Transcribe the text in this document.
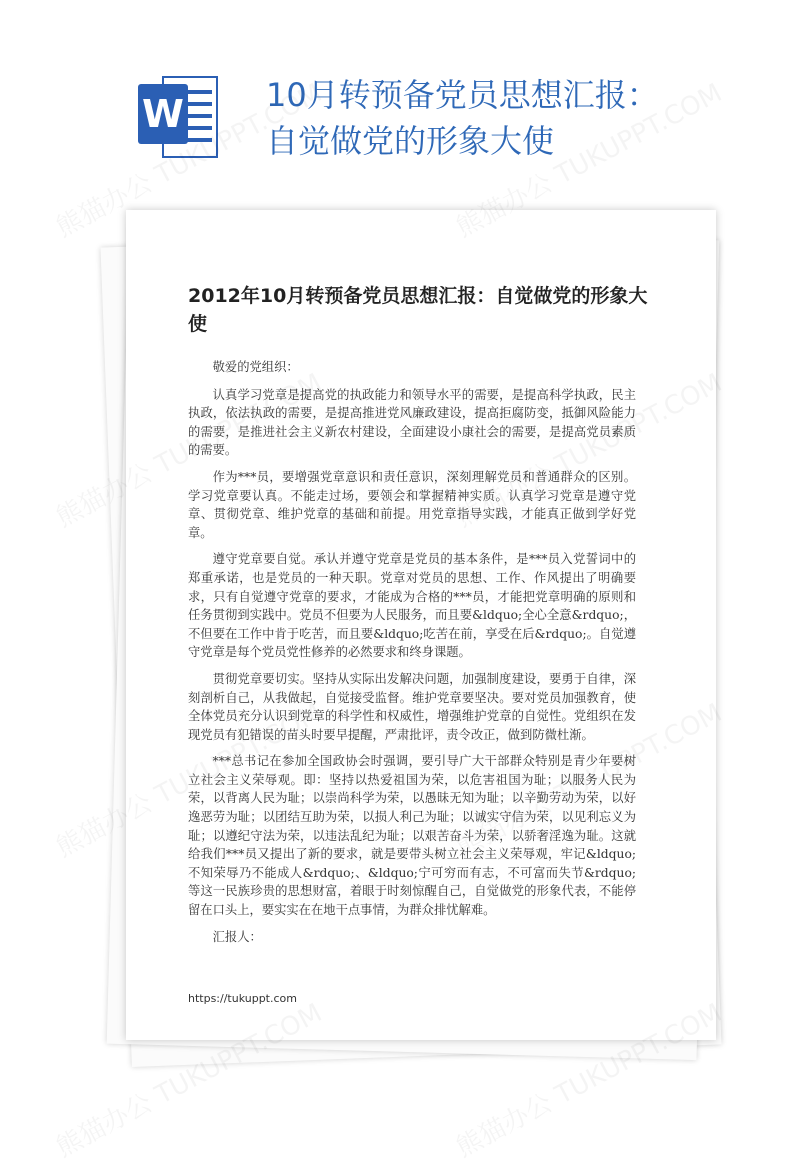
W	10月转预备党员思想汇报：
自觉做党的形象大使
2012年10月转预备党员思想汇报：自觉做党的形象大使

敬爱的党组织：

认真学习党章是提高党的执政能力和领导水平的需要，是提高科学执政，民主执政，依法执政的需要，是提高推进党风廉政建设，提高拒腐防变，抵御风险能力的需要，是推进社会主义新农村建设，全面建设小康社会的需要，是提高党员素质的需要。

作为***员，要增强党章意识和责任意识，深刻理解党员和普通群众的区别。学习党章要认真。不能走过场，要领会和掌握精神实质。认真学习党章是遵守党章、贯彻党章、维护党章的基础和前提。用党章指导实践，才能真正做到学好党章。

遵守党章要自觉。承认并遵守党章是党员的基本条件，是***员入党誓词中的郑重承诺，也是党员的一种天职。党章对党员的思想、工作、作风提出了明确要求，只有自觉遵守党章的要求，才能成为合格的***员，才能把党章明确的原则和任务贯彻到实践中。党员不但要为人民服务，而且要&ldquo;全心全意&rdquo;，不但要在工作中肯于吃苦，而且要&ldquo;吃苦在前，享受在后&rdquo;。自觉遵守党章是每个党员党性修养的必然要求和终身课题。

贯彻党章要切实。坚持从实际出发解决问题，加强制度建设，要勇于自律，深刻剖析自己，从我做起，自觉接受监督。维护党章要坚决。要对党员加强教育，使全体党员充分认识到党章的科学性和权威性，增强维护党章的自觉性。党组织在发现党员有犯错误的苗头时要早提醒，严肃批评，责令改正，做到防微杜渐。

***总书记在参加全国政协会时强调，要引导广大干部群众特别是青少年要树立社会主义荣辱观。即：坚持以热爱祖国为荣，以危害祖国为耻；以服务人民为荣，以背离人民为耻；以崇尚科学为荣，以愚昧无知为耻；以辛勤劳动为荣，以好逸恶劳为耻；以团结互助为荣，以损人利己为耻；以诚实守信为荣，以见利忘义为耻；以遵纪守法为荣，以违法乱纪为耻；以艰苦奋斗为荣，以骄奢淫逸为耻。这就给我们***员又提出了新的要求，就是要带头树立社会主义荣辱观，牢记&ldquo;不知荣辱乃不能成人&rdquo;、&ldquo;宁可穷而有志，不可富而失节&rdquo;等这一民族珍贵的思想财富，着眼于时刻惊醒自己，自觉做党的形象代表，不能停留在口头上，要实实在在地干点事情，为群众排忧解难。

汇报人：

https://tukuppt.com
